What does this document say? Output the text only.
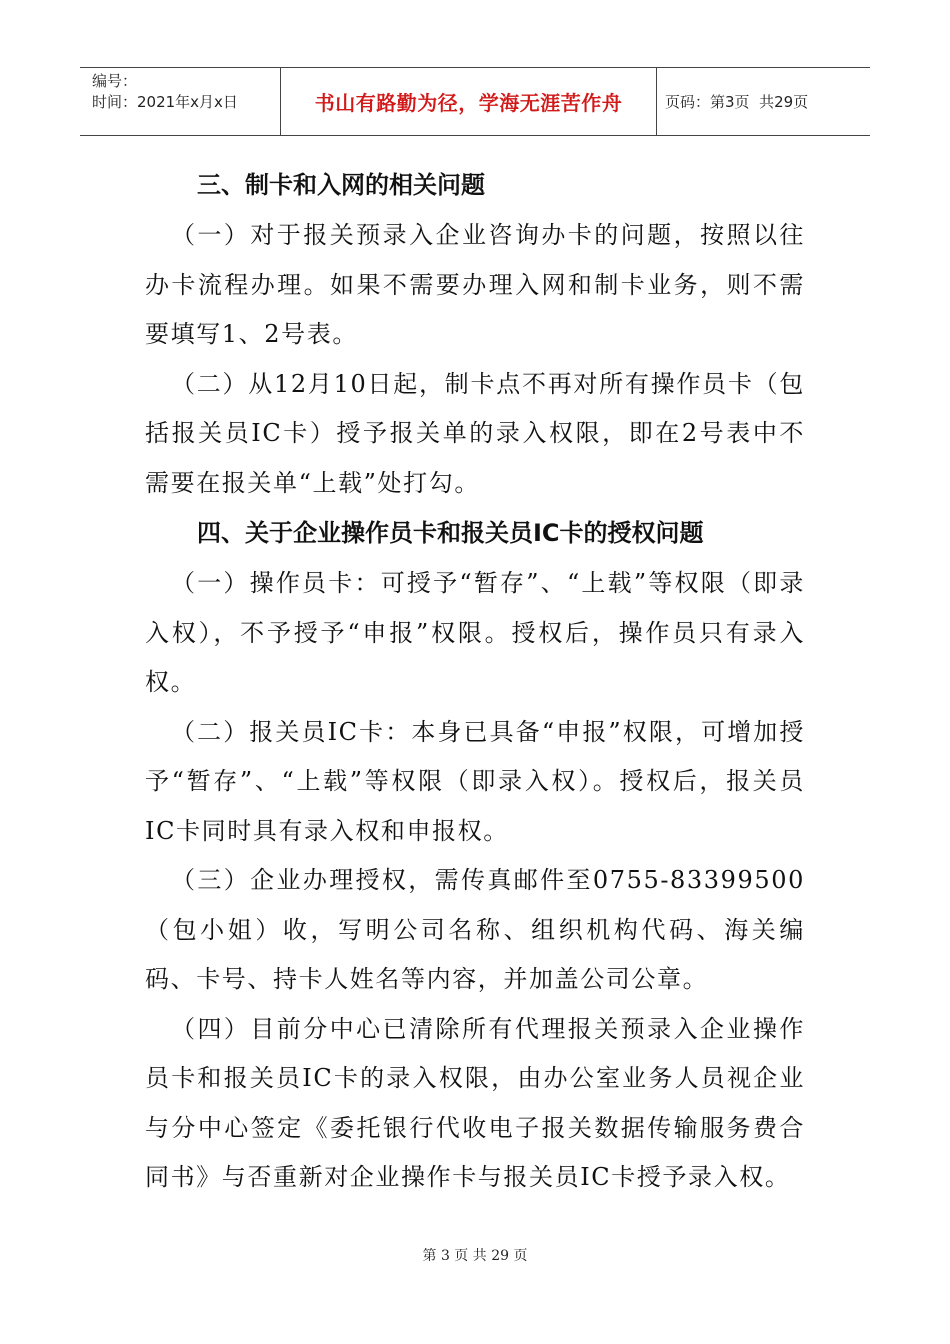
编号：
时间：2021年x月x日	书山有路勤为径，学海无涯苦作舟	页码：第3页  共29页
三、制卡和入网的相关问题

（一）对于报关预录入企业咨询办卡的问题，按照以往办卡流程办理。如果不需要办理入网和制卡业务，则不需要填写1、2号表。

（二）从12月10日起，制卡点不再对所有操作员卡（包括报关员IC卡）授予报关单的录入权限，即在2号表中不需要在报关单“上载”处打勾。

四、关于企业操作员卡和报关员IC卡的授权问题

（一）操作员卡：可授予“暂存”、“上载”等权限（即录入权），不予授予“申报”权限。授权后，操作员只有录入权。

（二）报关员IC卡：本身已具备“申报”权限，可增加授予“暂存”、“上载”等权限（即录入权）。授权后，报关员IC卡同时具有录入权和申报权。

（三）企业办理授权，需传真邮件至0755-83399500（包小姐）收，写明公司名称、组织机构代码、海关编码、卡号、持卡人姓名等内容，并加盖公司公章。

（四）目前分中心已清除所有代理报关预录入企业操作员卡和报关员IC卡的录入权限，由办公室业务人员视企业与分中心签定《委托银行代收电子报关数据传输服务费合同书》与否重新对企业操作卡与报关员IC卡授予录入权。

第 3 页 共 29 页
